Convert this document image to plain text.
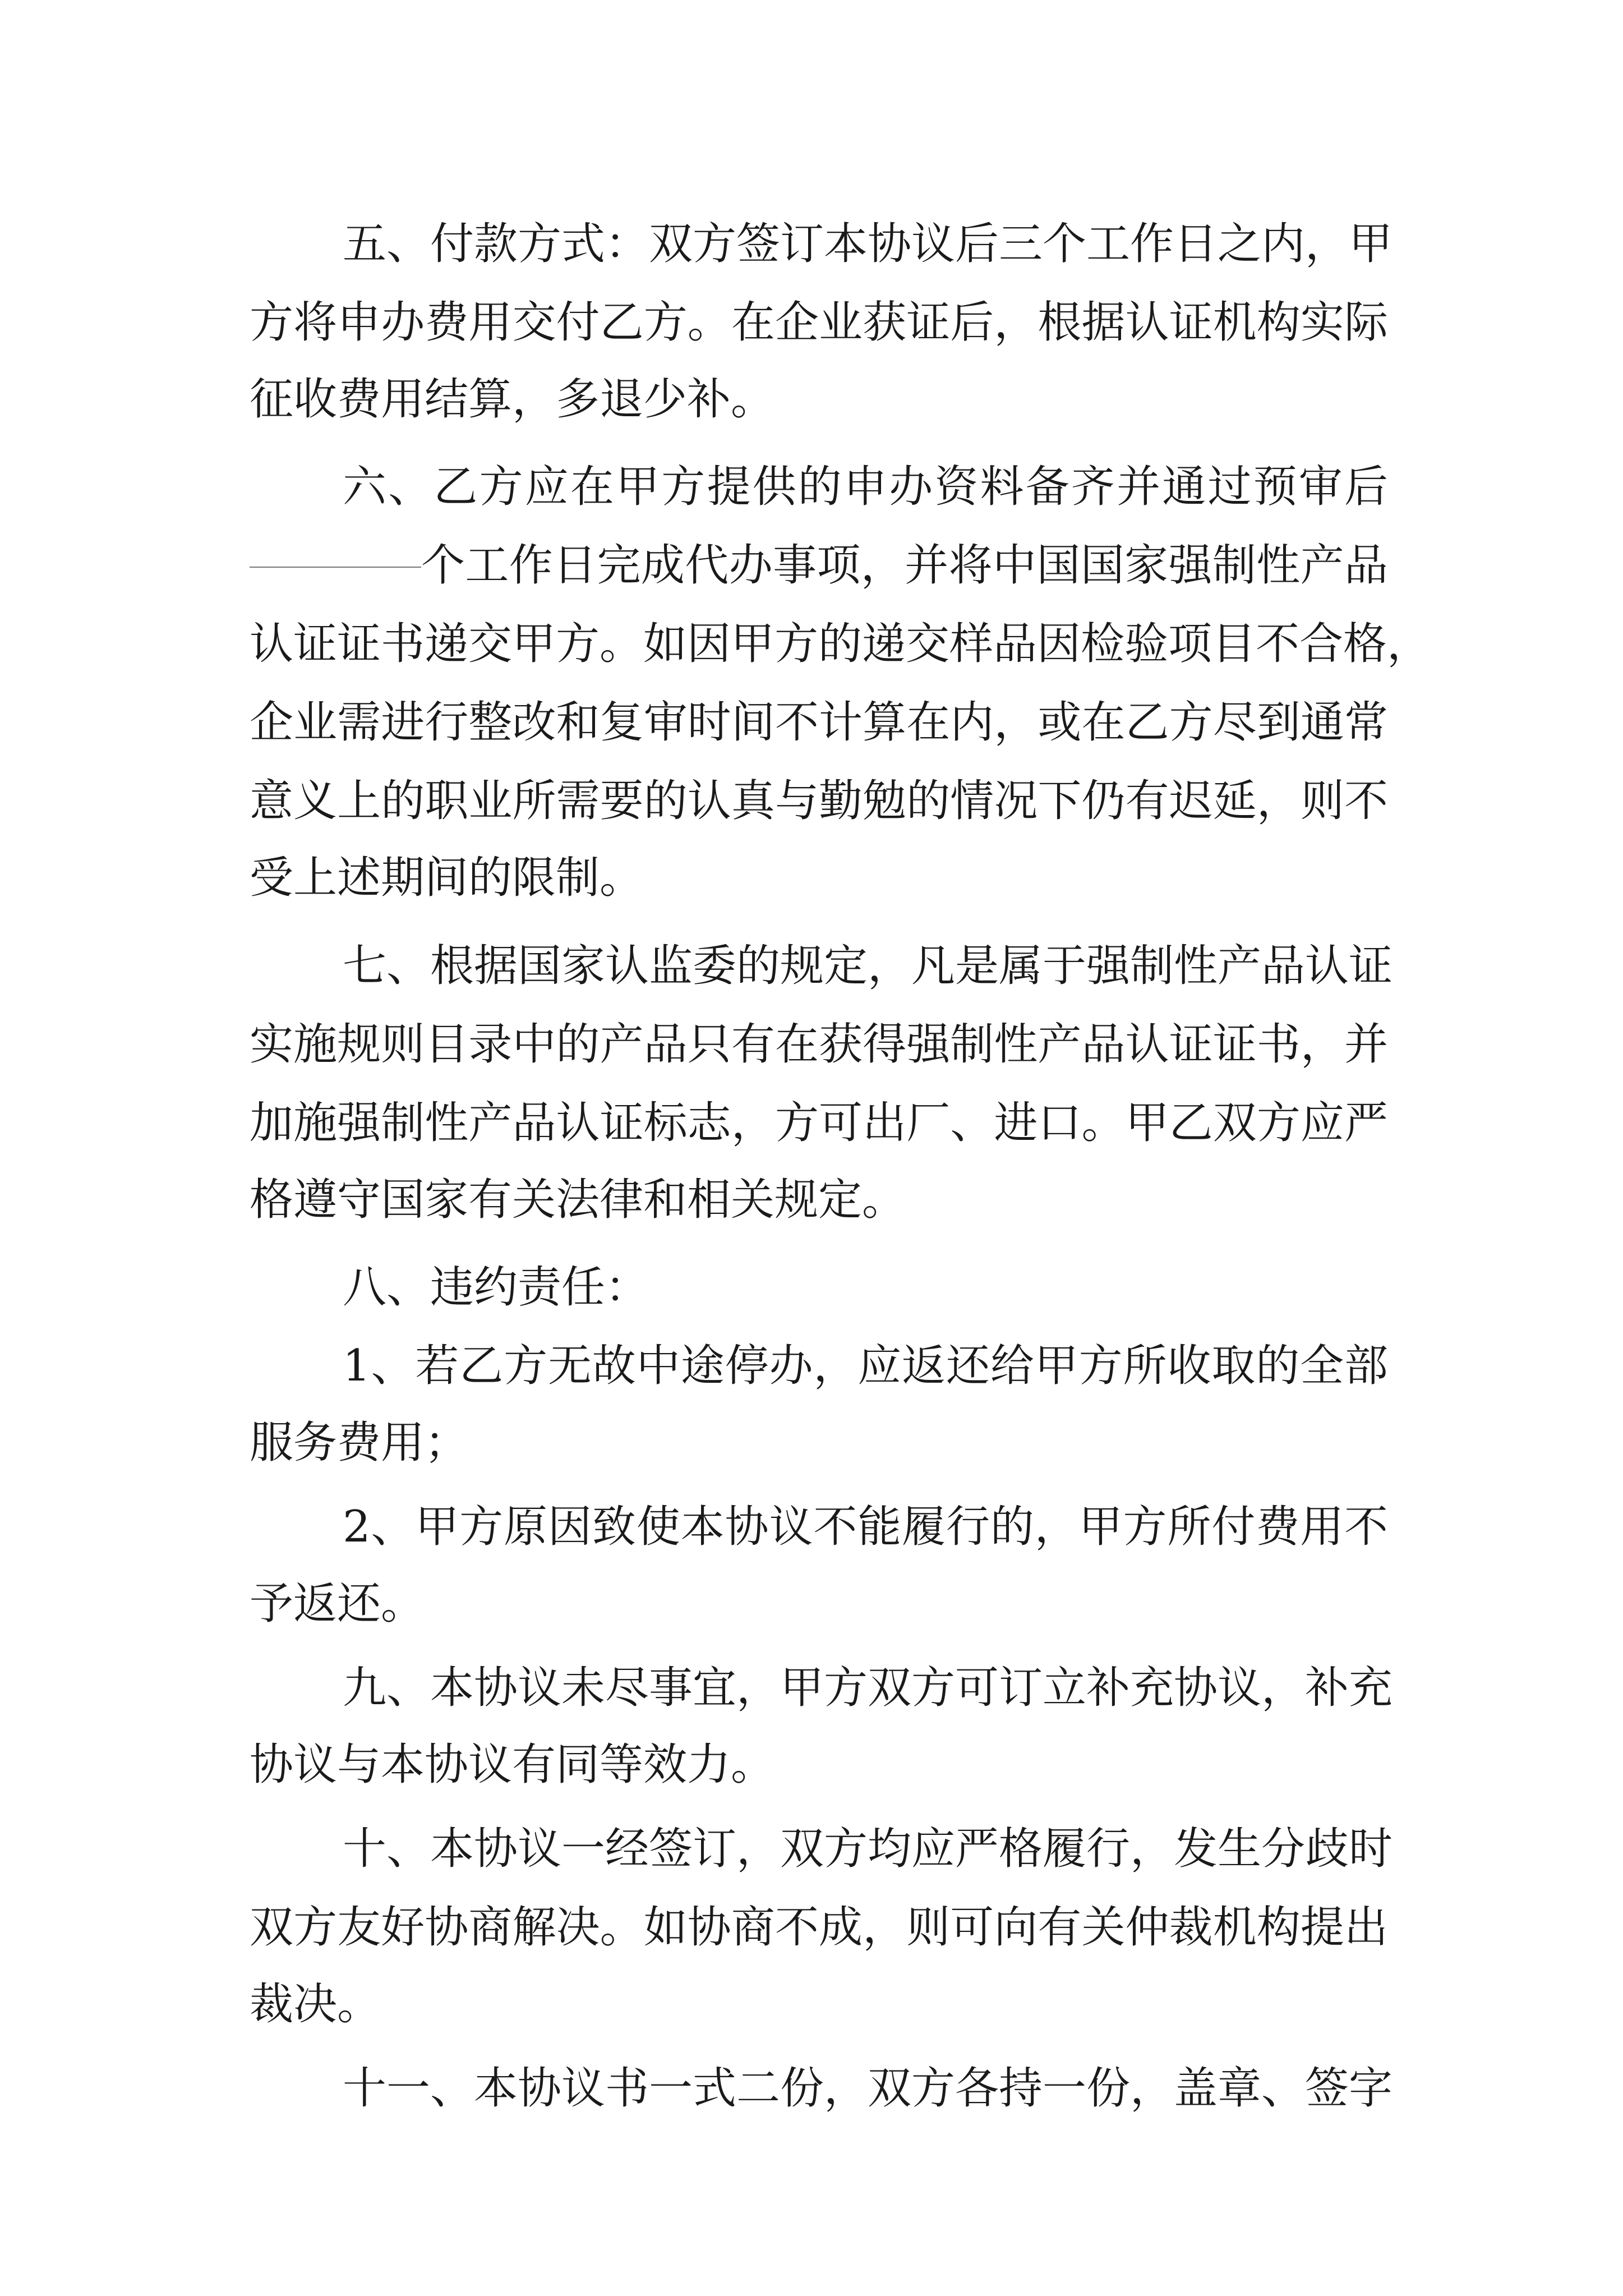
五、付款方式：双方签订本协议后三个工作日之内，甲
方将申办费用交付乙方。在企业获证后，根据认证机构实际
征收费用结算，多退少补。
六、乙方应在甲方提供的申办资料备齐并通过预审后
个工作日完成代办事项，并将中国国家强制性产品
认证证书递交甲方。如因甲方的递交样品因检验项目不合格，
企业需进行整改和复审时间不计算在内，或在乙方尽到通常
意义上的职业所需要的认真与勤勉的情况下仍有迟延，则不
受上述期间的限制。
七、根据国家认监委的规定，凡是属于强制性产品认证
实施规则目录中的产品只有在获得强制性产品认证证书，并
加施强制性产品认证标志，方可出厂、进口。甲乙双方应严
格遵守国家有关法律和相关规定。
八、违约责任：
1、若乙方无故中途停办，应返还给甲方所收取的全部
服务费用；
2、甲方原因致使本协议不能履行的，甲方所付费用不
予返还。
九、本协议未尽事宜，甲方双方可订立补充协议，补充
协议与本协议有同等效力。
十、本协议一经签订，双方均应严格履行，发生分歧时
双方友好协商解决。如协商不成，则可向有关仲裁机构提出
裁决。
十一、本协议书一式二份，双方各持一份，盖章、签字
